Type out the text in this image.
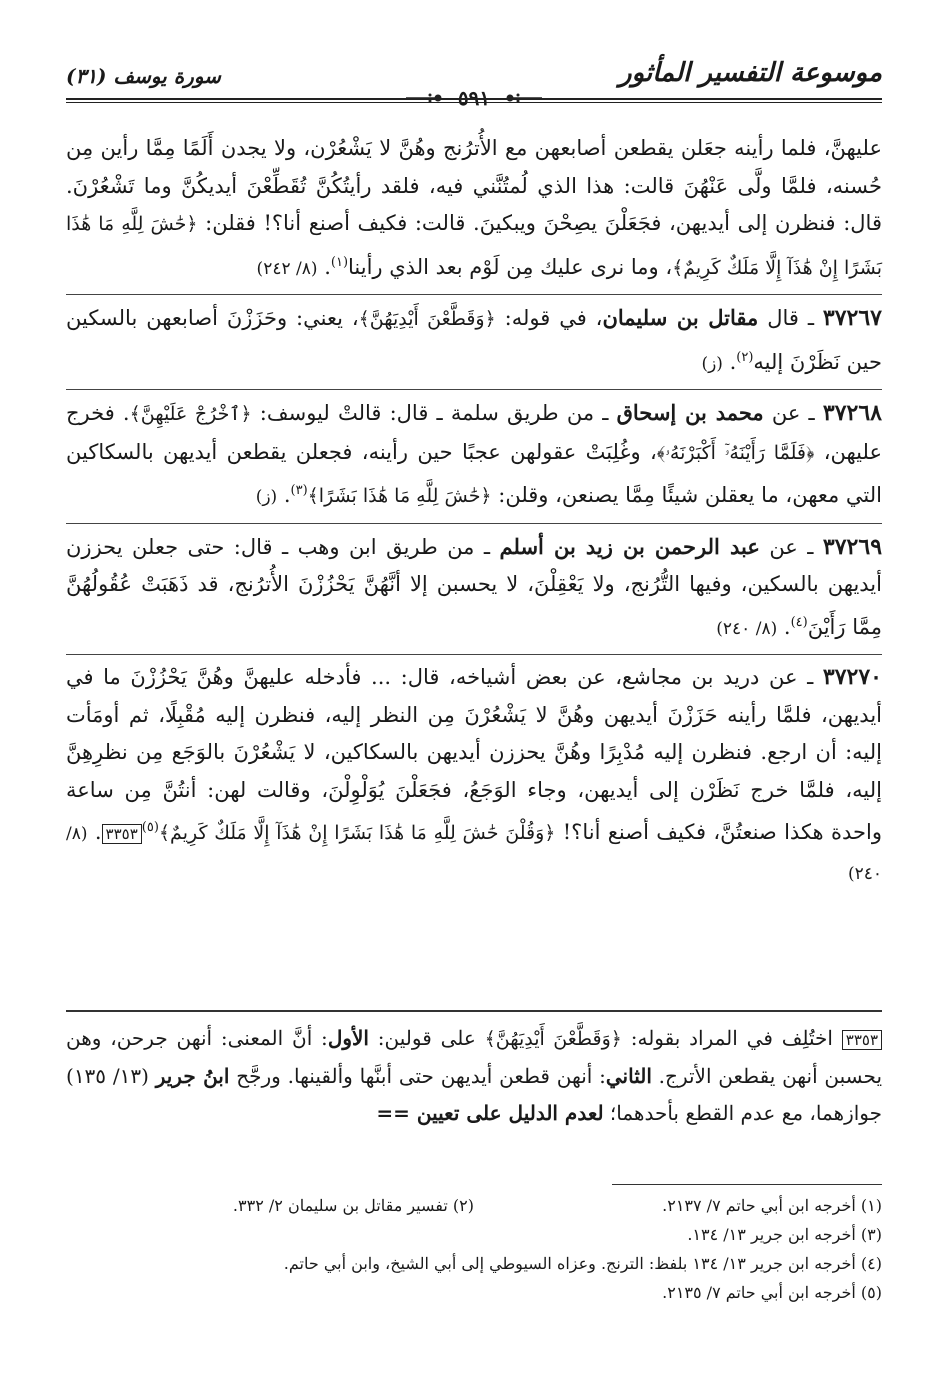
موسوعة التفسير المأثور
٥٩١
سورة يوسف (٣١)

عليهنَّ، فلما رأينه جعَلن يقطعن أصابعهن مع الأُترُنج وهُنَّ لا يَشْعُرْن، ولا يجدن أَلَمًا مِمَّا رأين مِن حُسنه، فلمَّا ولَّى عَنْهُنَ قالت: هذا الذي لُمتُنَّني فيه، فلقد رأيتُكُنَّ تُقَطِّعْنَ أيديكُنَّ وما تَشْعُرْنَ. قال: فنظرن إلى أيديهن، فجَعَلْنَ يصِحْنَ ويبكينَ. قالت: فكيف أصنع أنا؟! فقلن: ﴿حَٰشَ لِلَّهِ مَا هَٰذَا بَشَرًا إِنْ هَٰذَآ إِلَّا مَلَكٌ كَرِيمٌ﴾، وما نرى عليك مِن لَوْم بعد الذي رأينا$^{(١)}$. (٨/ ٢٤٢)

٣٧٢٦٧ ـ قال مقاتل بن سليمان، في قوله: ﴿وَقَطَّعْنَ أَيْدِيَهُنَّ﴾، يعني: وحَزَزْنَ أصابعهن بالسكين حين نَظَرْنَ إليه$^{(٢)}$. (ز)

٣٧٢٦٨ ـ عن محمد بن إسحاق ـ من طريق سلمة ـ قال: قالتْ ليوسف: ﴿ٱخْرُجْ عَلَيْهِنَّ﴾. فخرج عليهن، ﴿فَلَمَّا رَأَيْنَهُۥٓ أَكْبَرْنَهُۥ﴾، وغُلِبَتْ عقولهن عجبًا حين رأينه، فجعلن يقطعن أيديهن بالسكاكين التي معهن، ما يعقلن شيئًا مِمَّا يصنعن، وقلن: ﴿حَٰشَ لِلَّهِ مَا هَٰذَا بَشَرًا﴾$^{(٣)}$. (ز)

٣٧٢٦٩ ـ عن عبد الرحمن بن زيد بن أسلم ـ من طريق ابن وهب ـ قال: حتى جعلن يحززن أيديهن بالسكين، وفيها التُّرُنج، ولا يَعْقِلْنَ، لا يحسبن إلا أنَّهُنَّ يَحْزُزْنَ الأُترُنج، قد ذَهَبَتْ عُقُولُهُنَّ مِمَّا رَأَيْنَ$^{(٤)}$. (٨/ ٢٤٠)

٣٧٢٧٠ ـ عن دريد بن مجاشع، عن بعض أشياخه، قال: ... فأدخله عليهنَّ وهُنَّ يَحْزُزْنَ ما في أيديهن، فلمَّا رأينه حَزَزْنَ أيديهن وهُنَّ لا يَشْعُرْنَ مِن النظر إليه، فنظرن إليه مُقْبِلًا، ثم أومَأت إليه: أن ارجع. فنظرن إليه مُدْبِرًا وهُنَّ يحززن أيديهن بالسكاكين، لا يَشْعُرْنَ بالوَجَع مِن نظرِهِنَّ إليه، فلمَّا خرج نَظَرْن إلى أيديهن، وجاء الوَجَعُ، فجَعَلْنَ يُوَلْوِلْنَ، وقالت لهن: أنتُنَّ مِن ساعة واحدة هكذا صنعتُنَّ، فكيف أصنع أنا؟! ﴿وَقُلْنَ حَٰشَ لِلَّهِ مَا هَٰذَا بَشَرًا إِنْ هَٰذَآ إِلَّا مَلَكٌ كَرِيمٌ﴾$^{(٥)}$٣٣٥٣. (٨/ ٢٤٠)

٣٣٥٣ اختُلِف في المراد بقوله: ﴿وَقَطَّعْنَ أَيْدِيَهُنَّ﴾ على قولين: الأول: أنَّ المعنى: أنهن جرحن، وهن يحسبن أنهن يقطعن الأترج. الثاني: أنهن قطعن أيديهن حتى أبنَّها وألقينها. ورجَّح ابنُ جرير (١٣/ ١٣٥) جوازهما، مع عدم القطع بأحدهما؛ لعدم الدليل على تعيين ==

(١) أخرجه ابن أبي حاتم ٧/ ٢١٣٧.
(٢) تفسير مقاتل بن سليمان ٢/ ٣٣٢.
(٣) أخرجه ابن جرير ١٣/ ١٣٤.
(٤) أخرجه ابن جرير ١٣/ ١٣٤ بلفظ: الترنج. وعزاه السيوطي إلى أبي الشيخ، وابن أبي حاتم.
(٥) أخرجه ابن أبي حاتم ٧/ ٢١٣٥.
